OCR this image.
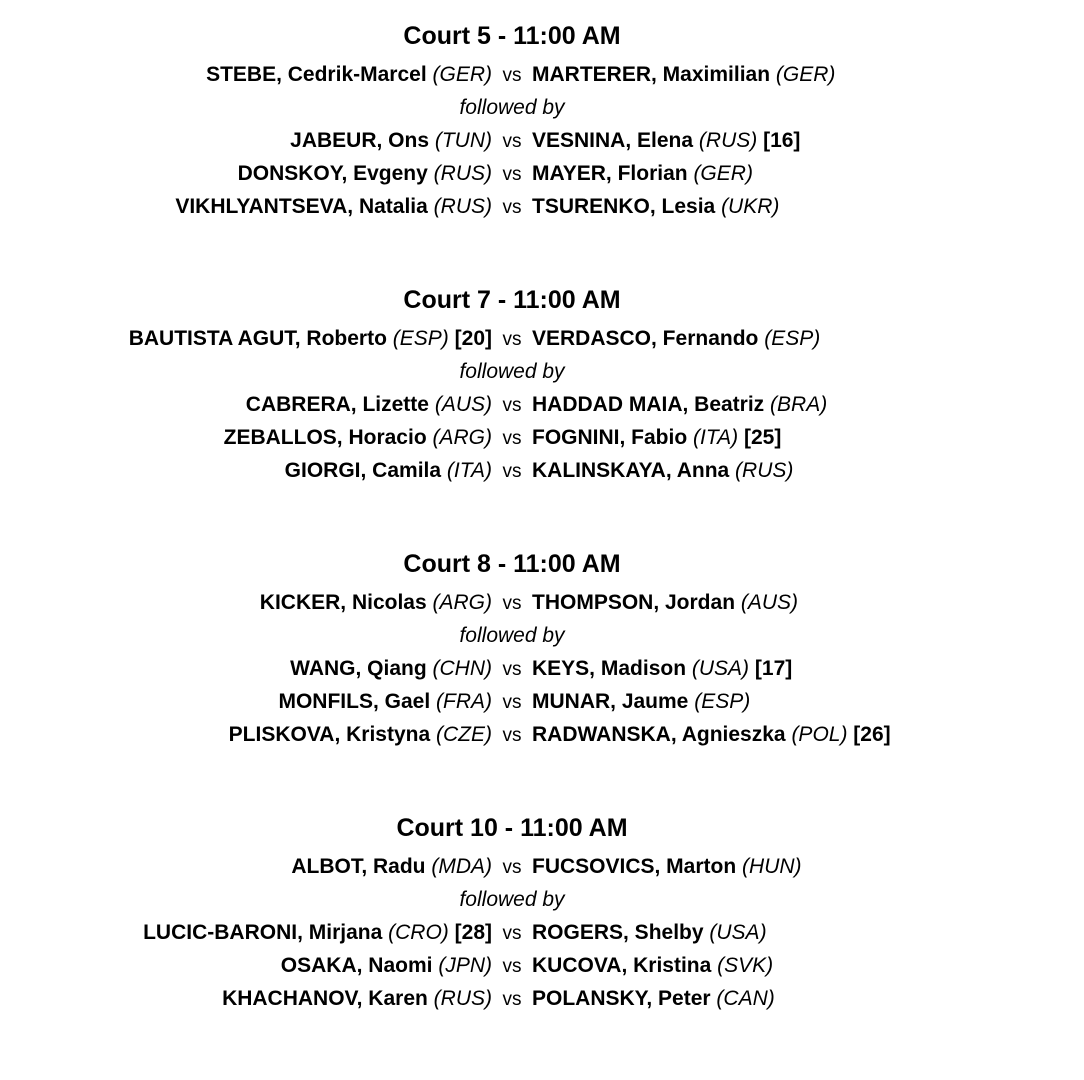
Court 5 - 11:00 AM
STEBE, Cedrik-Marcel (GER) vs MARTERER, Maximilian (GER)
followed by
JABEUR, Ons (TUN) vs VESNINA, Elena (RUS) [16]
DONSKOY, Evgeny (RUS) vs MAYER, Florian (GER)
VIKHLYANTSEVA, Natalia (RUS) vs TSURENKO, Lesia (UKR)
Court 7 - 11:00 AM
BAUTISTA AGUT, Roberto (ESP) [20] vs VERDASCO, Fernando (ESP)
followed by
CABRERA, Lizette (AUS) vs HADDAD MAIA, Beatriz (BRA)
ZEBALLOS, Horacio (ARG) vs FOGNINI, Fabio (ITA) [25]
GIORGI, Camila (ITA) vs KALINSKAYA, Anna (RUS)
Court 8 - 11:00 AM
KICKER, Nicolas (ARG) vs THOMPSON, Jordan (AUS)
followed by
WANG, Qiang (CHN) vs KEYS, Madison (USA) [17]
MONFILS, Gael (FRA) vs MUNAR, Jaume (ESP)
PLISKOVA, Kristyna (CZE) vs RADWANSKA, Agnieszka (POL) [26]
Court 10 - 11:00 AM
ALBOT, Radu (MDA) vs FUCSOVICS, Marton (HUN)
followed by
LUCIC-BARONI, Mirjana (CRO) [28] vs ROGERS, Shelby (USA)
OSAKA, Naomi (JPN) vs KUCOVA, Kristina (SVK)
KHACHANOV, Karen (RUS) vs POLANSKY, Peter (CAN)
